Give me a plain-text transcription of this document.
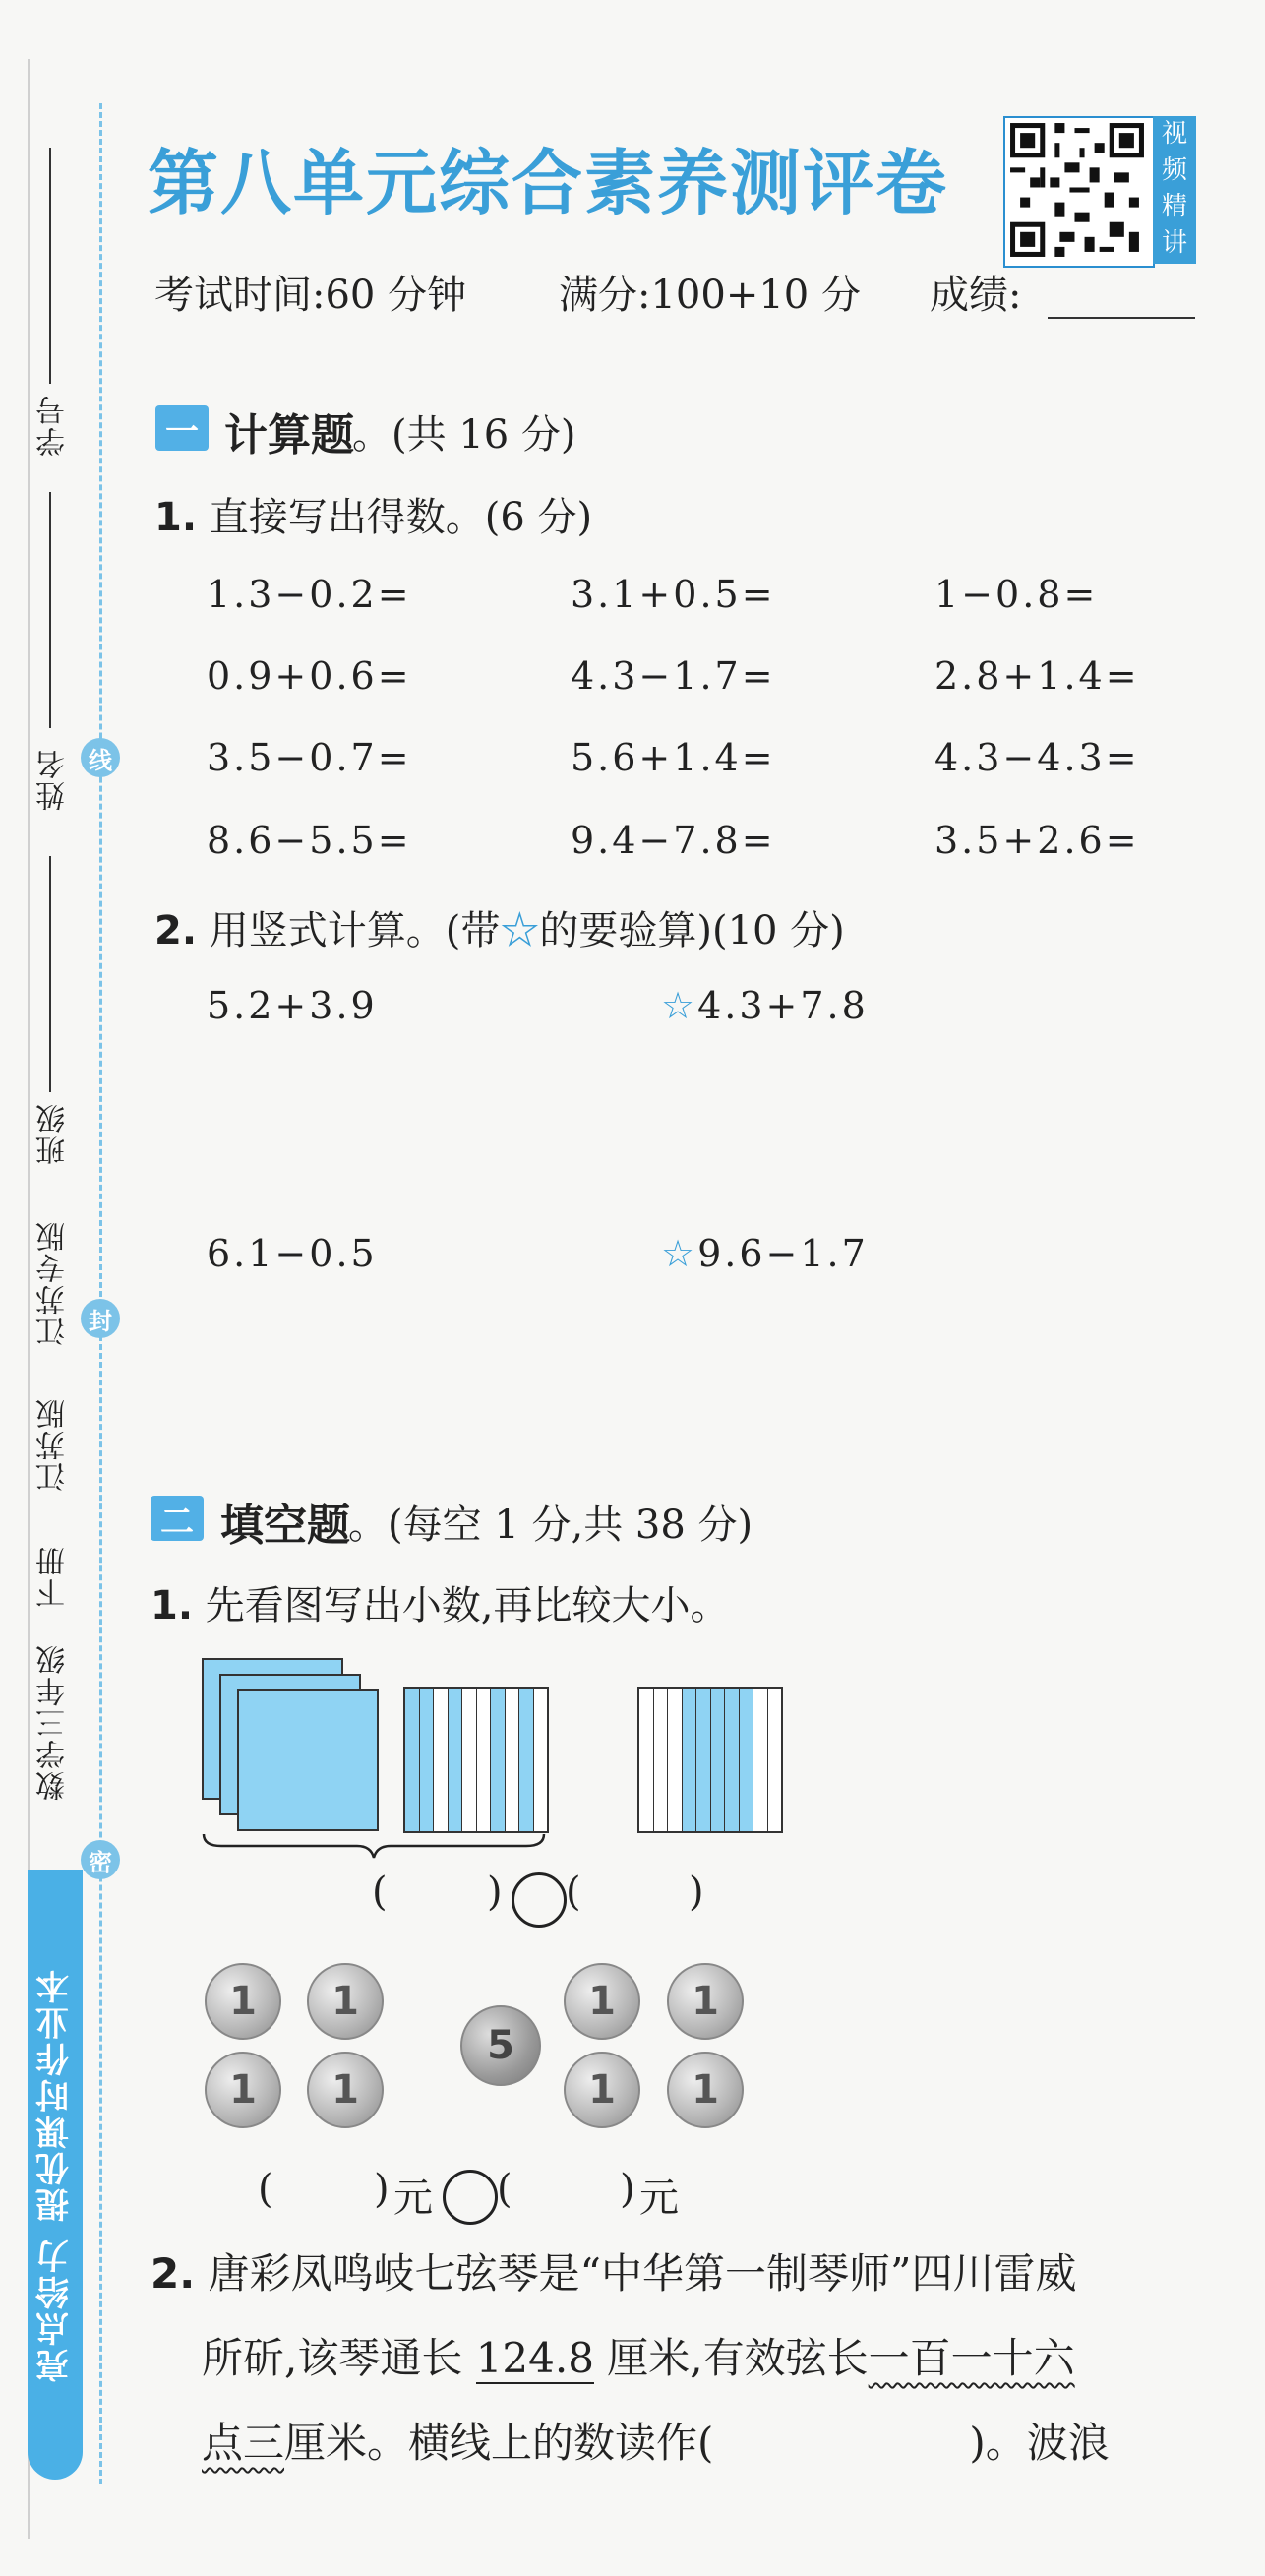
学号
线
姓名
班级
江苏专版 封
江苏版
下册
数学三年级
密
亮点给力 提优课时作业本
第八单元综合素养测评卷
视频精讲
考试时间:60 分钟 满分:100+10 分 成绩:
一 计算题
。(共 16 分)
1. 直接写出得数。(6 分)
1.3−0.2=	3.1+0.5=	1−0.8=
0.9+0.6=	4.3−1.7=	2.8+1.4=
3.5−0.7=	5.6+1.4=	4.3−4.3=
8.6−5.5=	9.4−7.8=	3.5+2.6=
2. 用竖式计算。(带☆的要验算)(10 分)
5.2+3.9	☆4.3+7.8
6.1−0.5	☆9.6−1.7
二 填空题
。(每空 1 分,共 38 分)
1. 先看图写出小数,再比较大小。
(	) (	)
1	1
1	1
5
1	1
1	1
(	) 元 (	) 元
2. 唐彩凤鸣岐七弦琴是“中华第一制琴师”四川雷威
所斫,该琴通长 124.8 厘米,有效弦长一百一十六
点三厘米。横线上的数读作(	)。波浪
